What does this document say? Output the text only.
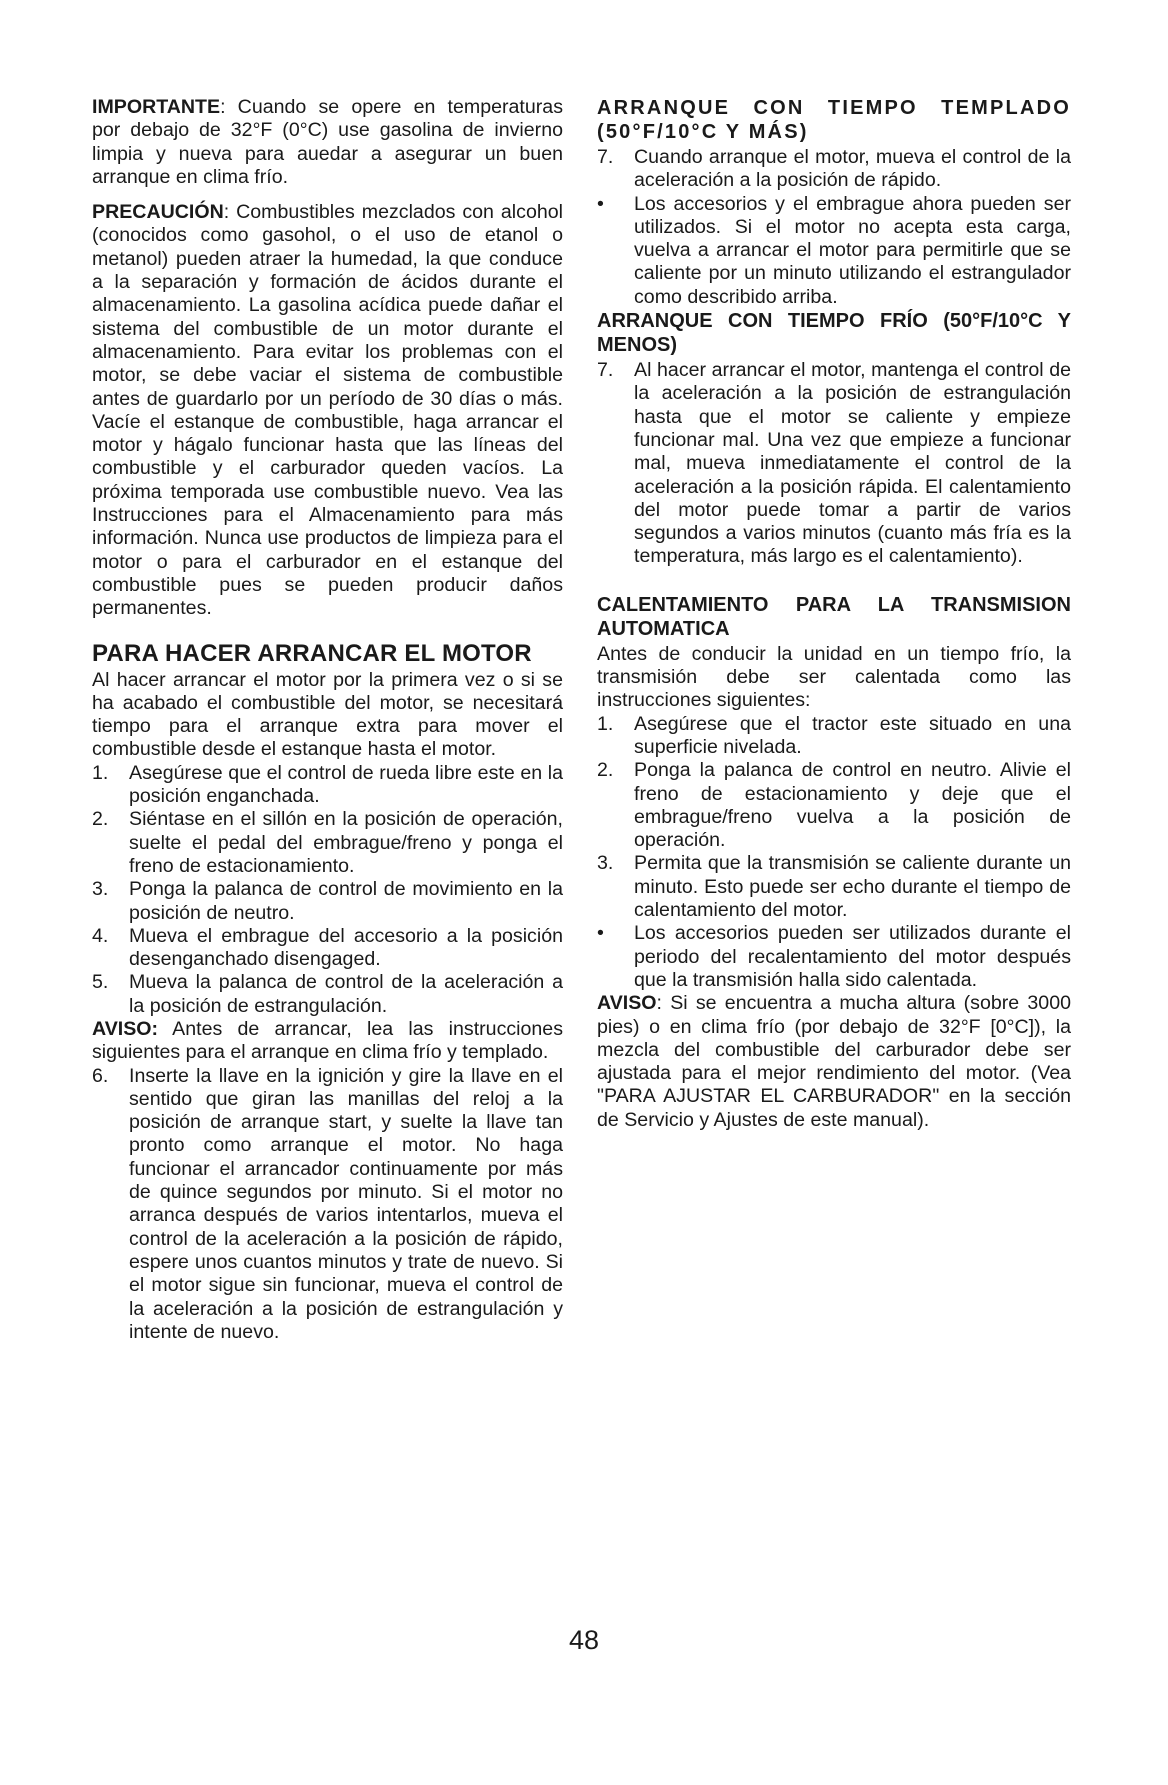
IMPORTANTE: Cuando se opere en temperaturas por debajo de 32°F (0°C) use gasolina de invierno limpia y nueva para auedar a asegurar un buen arranque en clima frío.

PRECAUCIÓN: Combustibles mezclados con alcohol (conocidos como gasohol, o el uso de etanol o metanol) pueden atraer la humedad, la que conduce a la separación y formación de ácidos durante el almacenamiento. La gasolina acídica puede dañar el sistema del combustible de un motor durante el almacenamiento. Para evitar los problemas con el motor, se debe vaciar el sistema de combustible antes de guardarlo por un período de 30 días o más. Vacíe el estanque de combustible, haga arrancar el motor y hágalo funcionar hasta que las líneas del combustible y el carburador queden vacíos. La próxima temporada use combustible nuevo. Vea las Instrucciones para el Almacenamiento para más información. Nunca use productos de limpieza para el motor o para el carburador en el estanque del combustible pues se pueden producir daños permanentes.

PARA HACER ARRANCAR EL MOTOR

Al hacer arrancar el motor por la primera vez o si se ha acabado el combustible del motor, se necesitará tiempo para el arranque extra para mover el combustible desde el estanque hasta el motor.

1.	Asegúrese que el control de rueda libre este en la posición enganchada.
2.	Siéntase en el sillón en la posición de operación, suelte el pedal del embrague/freno y ponga el freno de estacionamiento.
3.	Ponga la palanca de control de movimiento en la posición de neutro.
4.	Mueva el embrague del accesorio a la posición desenganchado disengaged.
5.	Mueva la palanca de control de la aceleración a la posición de estrangulación.

AVISO: Antes de arrancar, lea las instrucciones siguientes para el arranque en clima frío y templado.

6.	Inserte la llave en la ignición y gire la llave en el sentido que giran las manillas del reloj a la posición de arranque start, y suelte la llave tan pronto como arranque el motor. No haga funcionar el arrancador continuamente por más de quince segundos por minuto. Si el motor no arranca después de varios intentarlos, mueva el control de la aceleración a la posición de rápido, espere unos cuantos minutos y trate de nuevo. Si el motor sigue sin funcionar, mueva el control de la aceleración a la posición de estrangulación y intente de nuevo.
ARRANQUE CON TIEMPO TEMPLADO (50°F/10°C Y MÁS)
7.	Cuando arranque el motor, mueva el control de la aceleración a la posición de rápido.
•	Los accesorios y el embrague ahora pueden ser utilizados. Si el motor no acepta esta carga, vuelva a arrancar el motor para permitirle que se caliente por un minuto utilizando el estrangulador como describido arriba.
ARRANQUE CON TIEMPO FRÍO (50°F/10°C Y MENOS)
7.	Al hacer arrancar el motor, mantenga el control de la aceleración a la posición de estrangulación hasta que el motor se caliente y empieze funcionar mal. Una vez que empieze a funcionar mal, mueva inmediatamente el control de la aceleración a la posición rápida. El calentamiento del motor puede tomar a partir de varios segundos a varios minutos (cuanto más fría es la temperatura, más largo es el calentamiento).
CALENTAMIENTO PARA LA TRANSMISION AUTOMATICA

Antes de conducir la unidad en un tiempo frío, la transmisión debe ser calentada como las instrucciones siguientes:

1.	Asegúrese que el tractor este situado en una superficie nivelada.
2.	Ponga la palanca de control en neutro. Alivie el freno de estacionamiento y deje que el embrague/freno vuelva a la posición de operación.
3.	Permita que la transmisión se caliente durante un minuto. Esto puede ser echo durante el tiempo de calentamiento del motor.
•	Los accesorios pueden ser utilizados durante el periodo del recalentamiento del motor después que la transmisión halla sido calentada.

AVISO: Si se encuentra a mucha altura (sobre 3000 pies) o en clima frío (por debajo de 32°F [0°C]), la mezcla del combustible del carburador debe ser ajustada para el mejor rendimiento del motor. (Vea "PARA AJUSTAR EL CARBURADOR" en la sección de Servicio y Ajustes de este manual).

48
